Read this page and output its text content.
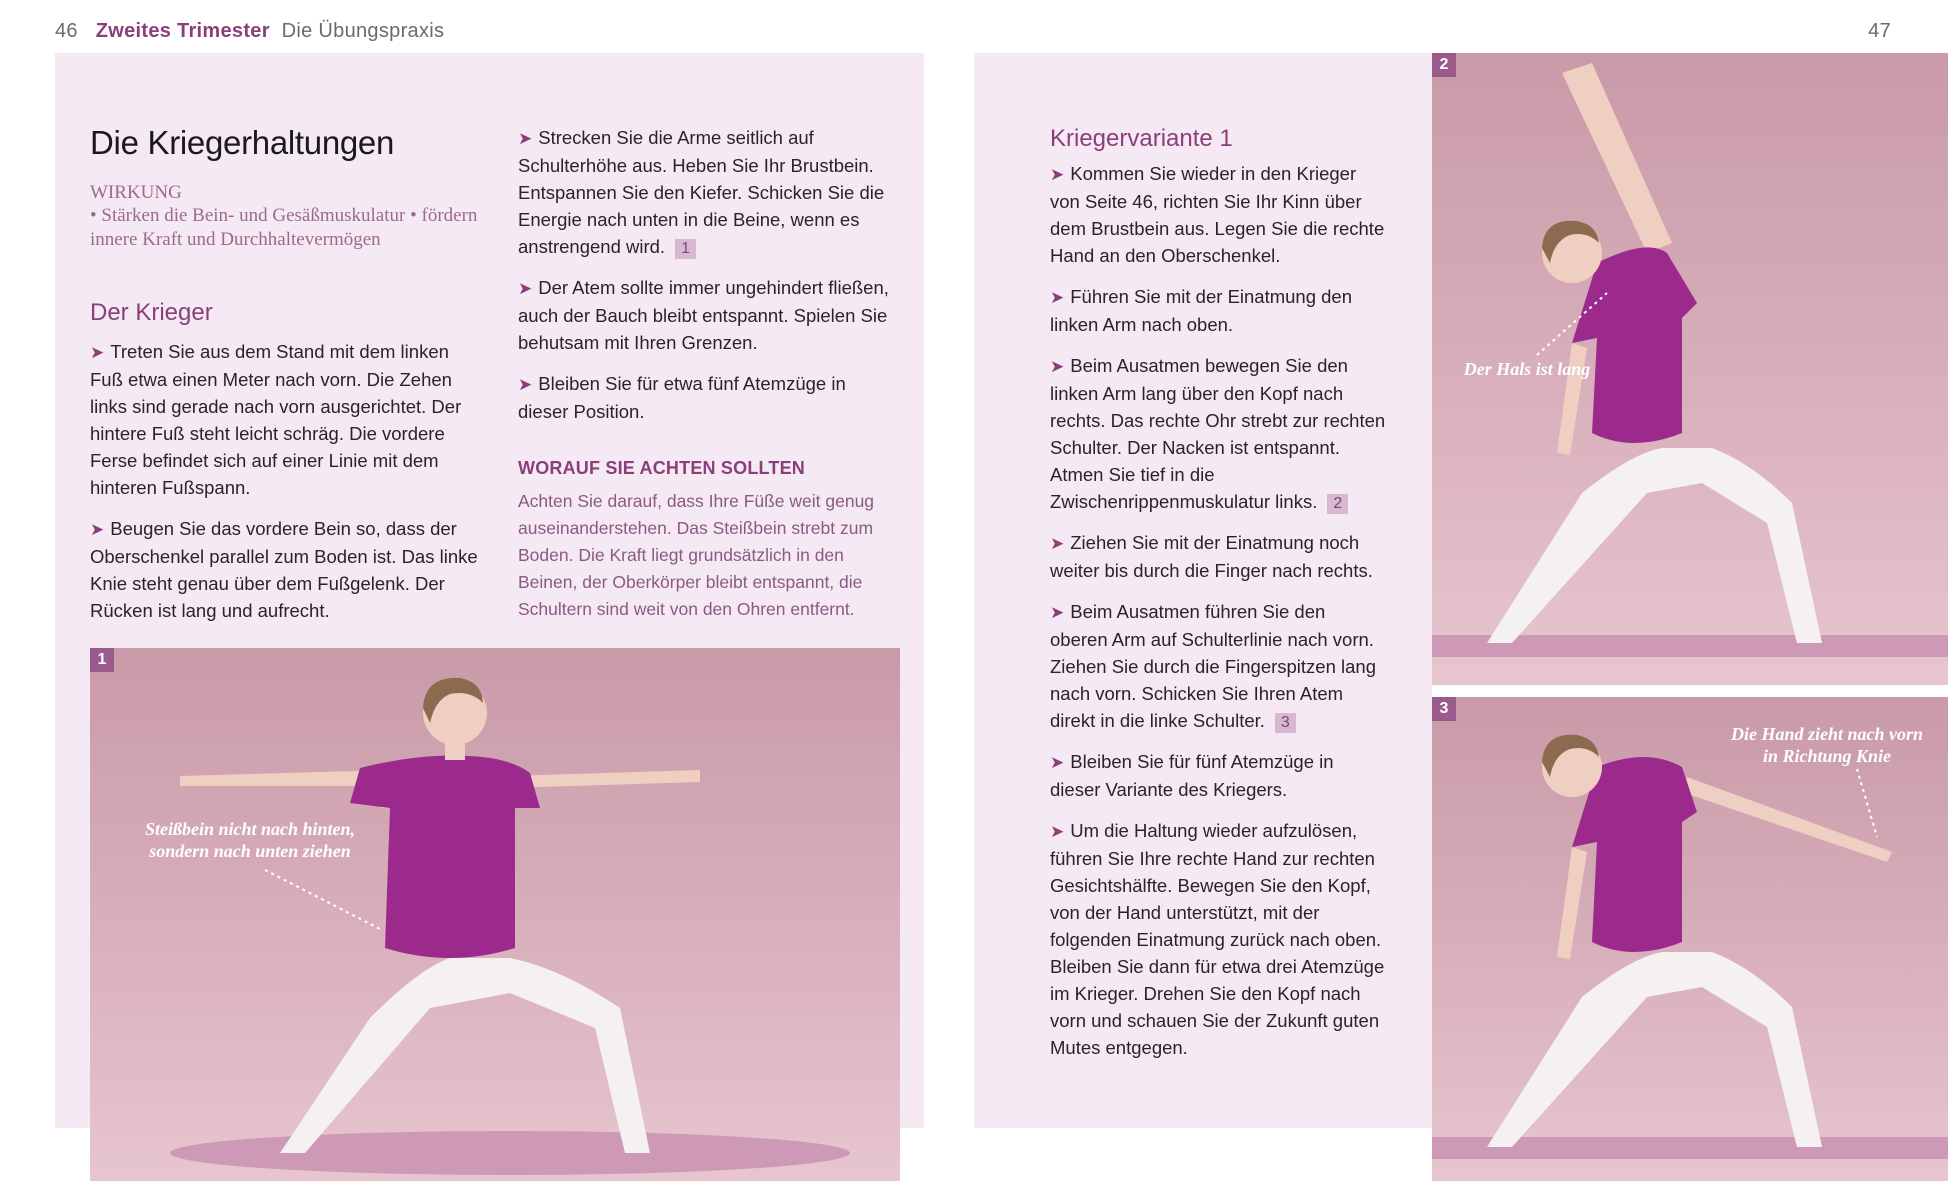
46 Zweites Trimester Die Übungspraxis	47
Die Kriegerhaltungen
WIRKUNG
• Stärken die Bein- und Gesäßmuskulatur • fördern innere Kraft und Durchhaltevermögen
Der Krieger

➤ Treten Sie aus dem Stand mit dem linken Fuß etwa einen Meter nach vorn. Die Zehen links sind gerade nach vorn ausgerichtet. Der hintere Fuß steht leicht schräg. Die vordere Ferse befindet sich auf einer Linie mit dem hinteren Fußspann.

➤ Beugen Sie das vordere Bein so, dass der Oberschenkel parallel zum Boden ist. Das linke Knie steht genau über dem Fußgelenk. Der Rücken ist lang und aufrecht.

➤ Strecken Sie die Arme seitlich auf Schulterhöhe aus. Heben Sie Ihr Brustbein. Entspannen Sie den Kiefer. Schicken Sie die Energie nach unten in die Beine, wenn es anstrengend wird. 1

➤ Der Atem sollte immer ungehindert fließen, auch der Bauch bleibt entspannt. Spielen Sie behutsam mit Ihren Grenzen.

➤ Bleiben Sie für etwa fünf Atemzüge in dieser Position.

WORAUF SIE ACHTEN SOLLTEN
Achten Sie darauf, dass Ihre Füße weit genug auseinanderstehen. Das Steißbein strebt zum Boden. Die Kraft liegt grundsätzlich in den Beinen, der Oberkörper bleibt entspannt, die Schultern sind weit von den Ohren entfernt.
1
Steißbein nicht nach hinten, sondern nach unten ziehen
Kriegervariante 1

➤ Kommen Sie wieder in den Krieger von Seite 46, richten Sie Ihr Kinn über dem Brustbein aus. Legen Sie die rechte Hand an den Oberschenkel.

➤ Führen Sie mit der Einatmung den linken Arm nach oben.

➤ Beim Ausatmen bewegen Sie den linken Arm lang über den Kopf nach rechts. Das rechte Ohr strebt zur rechten Schulter. Der Nacken ist entspannt. Atmen Sie tief in die Zwischenrippenmuskulatur links. 2

➤ Ziehen Sie mit der Einatmung noch weiter bis durch die Finger nach rechts.

➤ Beim Ausatmen führen Sie den oberen Arm auf Schulterlinie nach vorn. Ziehen Sie durch die Fingerspitzen lang nach vorn. Schicken Sie Ihren Atem direkt in die linke Schulter. 3

➤ Bleiben Sie für fünf Atemzüge in dieser Variante des Kriegers.

➤ Um die Haltung wieder aufzulösen, führen Sie Ihre rechte Hand zur rechten Gesichtshälfte. Bewegen Sie den Kopf, von der Hand unterstützt, mit der folgenden Einatmung zurück nach oben. Bleiben Sie dann für etwa drei Atemzüge im Krieger. Drehen Sie den Kopf nach vorn und schauen Sie der Zukunft guten Mutes entgegen.

2
Der Hals ist lang
3
Die Hand zieht nach vorn in Richtung Knie
